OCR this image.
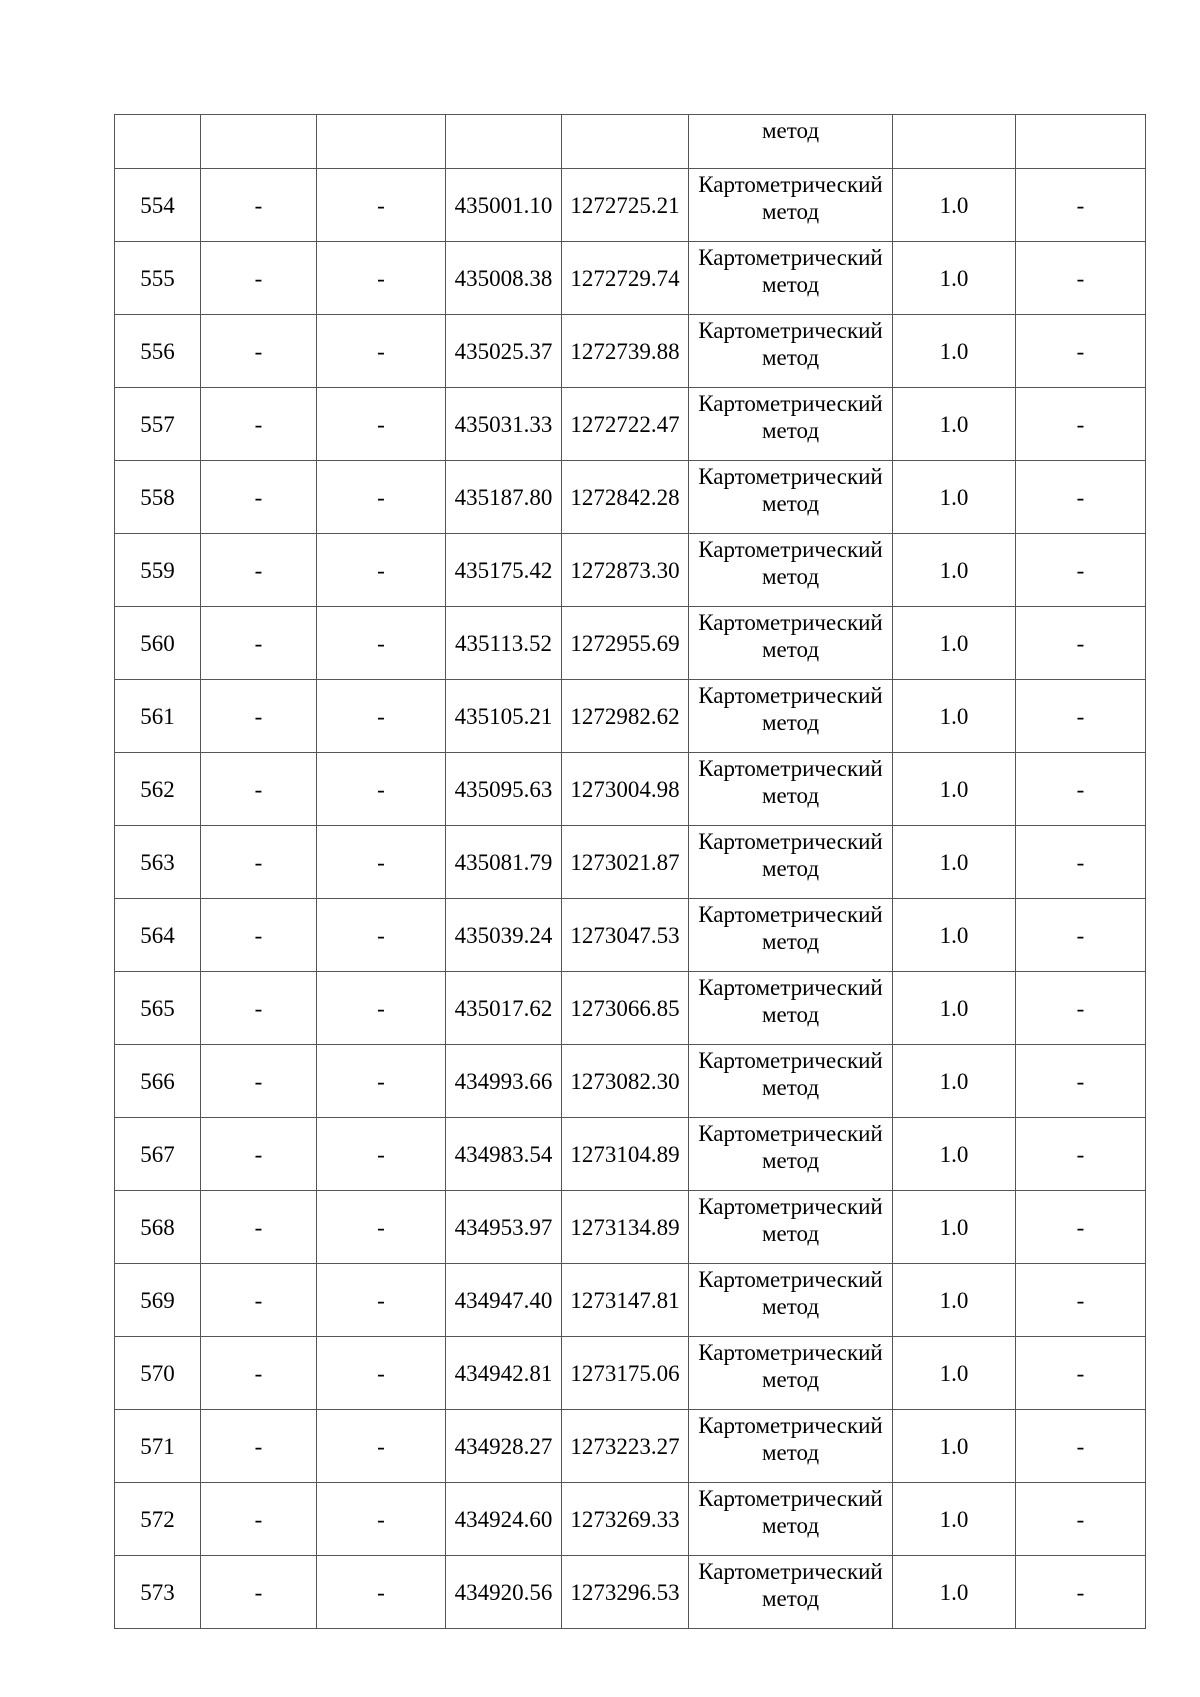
					метод		

554	-	-	435001.10	1272725.21	Картометрический
метод	1.0	-
555	-	-	435008.38	1272729.74	Картометрический
метод	1.0	-
556	-	-	435025.37	1272739.88	Картометрический
метод	1.0	-
557	-	-	435031.33	1272722.47	Картометрический
метод	1.0	-
558	-	-	435187.80	1272842.28	Картометрический
метод	1.0	-
559	-	-	435175.42	1272873.30	Картометрический
метод	1.0	-
560	-	-	435113.52	1272955.69	Картометрический
метод	1.0	-
561	-	-	435105.21	1272982.62	Картометрический
метод	1.0	-
562	-	-	435095.63	1273004.98	Картометрический
метод	1.0	-
563	-	-	435081.79	1273021.87	Картометрический
метод	1.0	-
564	-	-	435039.24	1273047.53	Картометрический
метод	1.0	-
565	-	-	435017.62	1273066.85	Картометрический
метод	1.0	-
566	-	-	434993.66	1273082.30	Картометрический
метод	1.0	-
567	-	-	434983.54	1273104.89	Картометрический
метод	1.0	-
568	-	-	434953.97	1273134.89	Картометрический
метод	1.0	-
569	-	-	434947.40	1273147.81	Картометрический
метод	1.0	-
570	-	-	434942.81	1273175.06	Картометрический
метод	1.0	-
571	-	-	434928.27	1273223.27	Картометрический
метод	1.0	-
572	-	-	434924.60	1273269.33	Картометрический
метод	1.0	-
573	-	-	434920.56	1273296.53	Картометрический
метод	1.0	-
